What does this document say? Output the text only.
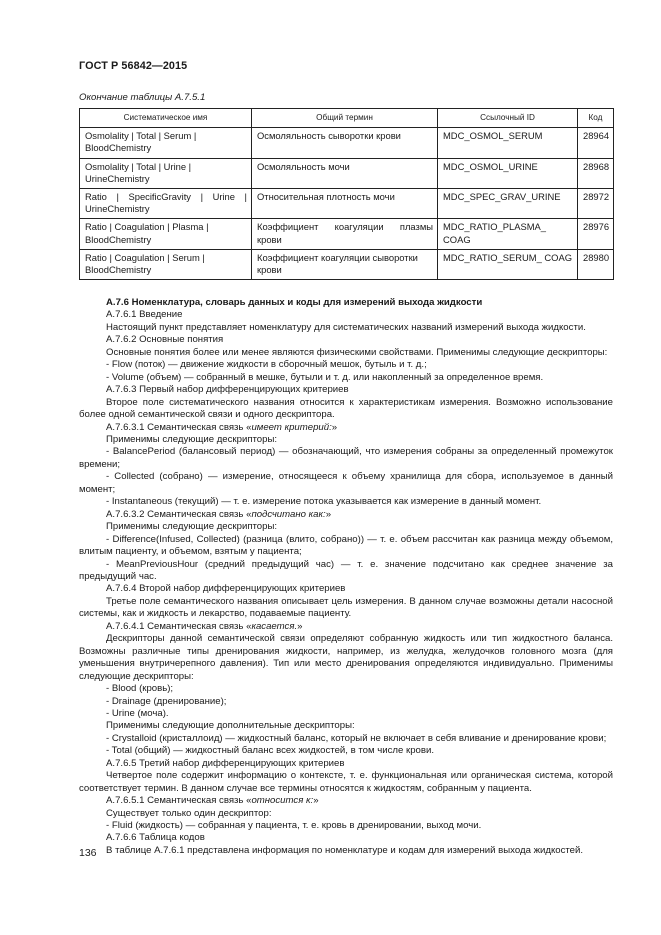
ГОСТ Р 56842—2015
Окончание таблицы А.7.5.1
Систематическое имя	Общий термин	Ссылочный ID	Код
Osmolality | Total | Serum | BloodChemistry	Осмоляльность сыворотки крови	MDC_OSMOL_SERUM	28964
Osmolality | Total | Urine | UrineChemistry	Осмоляльность мочи	MDC_OSMOL_URINE	28968
Ratio | SpecificGravity | Urine | UrineChemistry	Относительная плотность мочи	MDC_SPEC_GRAV_URINE	28972
Ratio | Coagulation | Plasma | BloodChemistry	Коэффициент коагуляции плазмы крови	MDC_RATIO_PLASMA_ COAG	28976
Ratio | Coagulation | Serum | BloodChemistry	Коэффициент коагуляции сыворотки крови	MDC_RATIO_SERUM_ COAG	28980

А.7.6 Номенклатура, словарь данных и коды для измерений выхода жидкости

А.7.6.1 Введение

Настоящий пункт представляет номенклатуру для систематических названий измерений выхода жидкости.

А.7.6.2 Основные понятия

Основные понятия более или менее являются физическими свойствами. Применимы следующие дескрипторы:

- Flow (поток) — движение жидкости в сборочный мешок, бутыль и т. д.;

- Volume (объем) — собранный в мешке, бутыли и т. д. или накопленный за определенное время.

А.7.6.3 Первый набор дифференцирующих критериев

Второе поле систематического названия относится к характеристикам измерения. Возможно использование более одной семантической связи и одного дескриптора.

А.7.6.3.1 Семантическая связь «имеет критерий:»

Применимы следующие дескрипторы:

- BalancePeriod (балансовый период) — обозначающий, что измерения собраны за определенный промежуток времени;

- Collected (собрано) — измерение, относящееся к объему хранилища для сбора, используемое в данный момент;

- Instantaneous (текущий) — т. е. измерение потока указывается как измерение в данный момент.

А.7.6.3.2 Семантическая связь «подсчитано как:»

Применимы следующие дескрипторы:

- Difference(Infused, Collected) (разница (влито, собрано)) — т. е. объем рассчитан как разница между объемом, влитым пациенту, и объемом, взятым у пациента;

- MeanPreviousHour (средний предыдущий час) — т. е. значение подсчитано как среднее значение за предыдущий час.

А.7.6.4 Второй набор дифференцирующих критериев

Третье поле семантического названия описывает цель измерения. В данном случае возможны детали насосной системы, как и жидкость и лекарство, подаваемые пациенту.

А.7.6.4.1 Семантическая связь «касается.»

Дескрипторы данной семантической связи определяют собранную жидкость или тип жидкостного баланса. Возможны различные типы дренирования жидкости, например, из желудка, желудочков головного мозга (для уменьшения внутричерепного давления). Тип или место дренирования определяются индивидуально. Применимы следующие дескрипторы:

- Blood (кровь);

- Drainage (дренирование);

- Urine (моча).

Применимы следующие дополнительные дескрипторы:

- Crystalloid (кристаллоид) — жидкостный баланс, который не включает в себя вливание и дренирование крови;

- Total (общий) — жидкостный баланс всех жидкостей, в том числе крови.

А.7.6.5 Третий набор дифференцирующих критериев

Четвертое поле содержит информацию о контексте, т. е. функциональная или органическая система, которой соответствует термин. В данном случае все термины относятся к жидкостям, собранным у пациента.

А.7.6.5.1 Семантическая связь «относится к:»

Существует только один дескриптор:

- Fluid (жидкость) — собранная у пациента, т. е. кровь в дренировании, выход мочи.

А.7.6.6 Таблица кодов

В таблице А.7.6.1 представлена информация по номенклатуре и кодам для измерений выхода жидкостей.

136
